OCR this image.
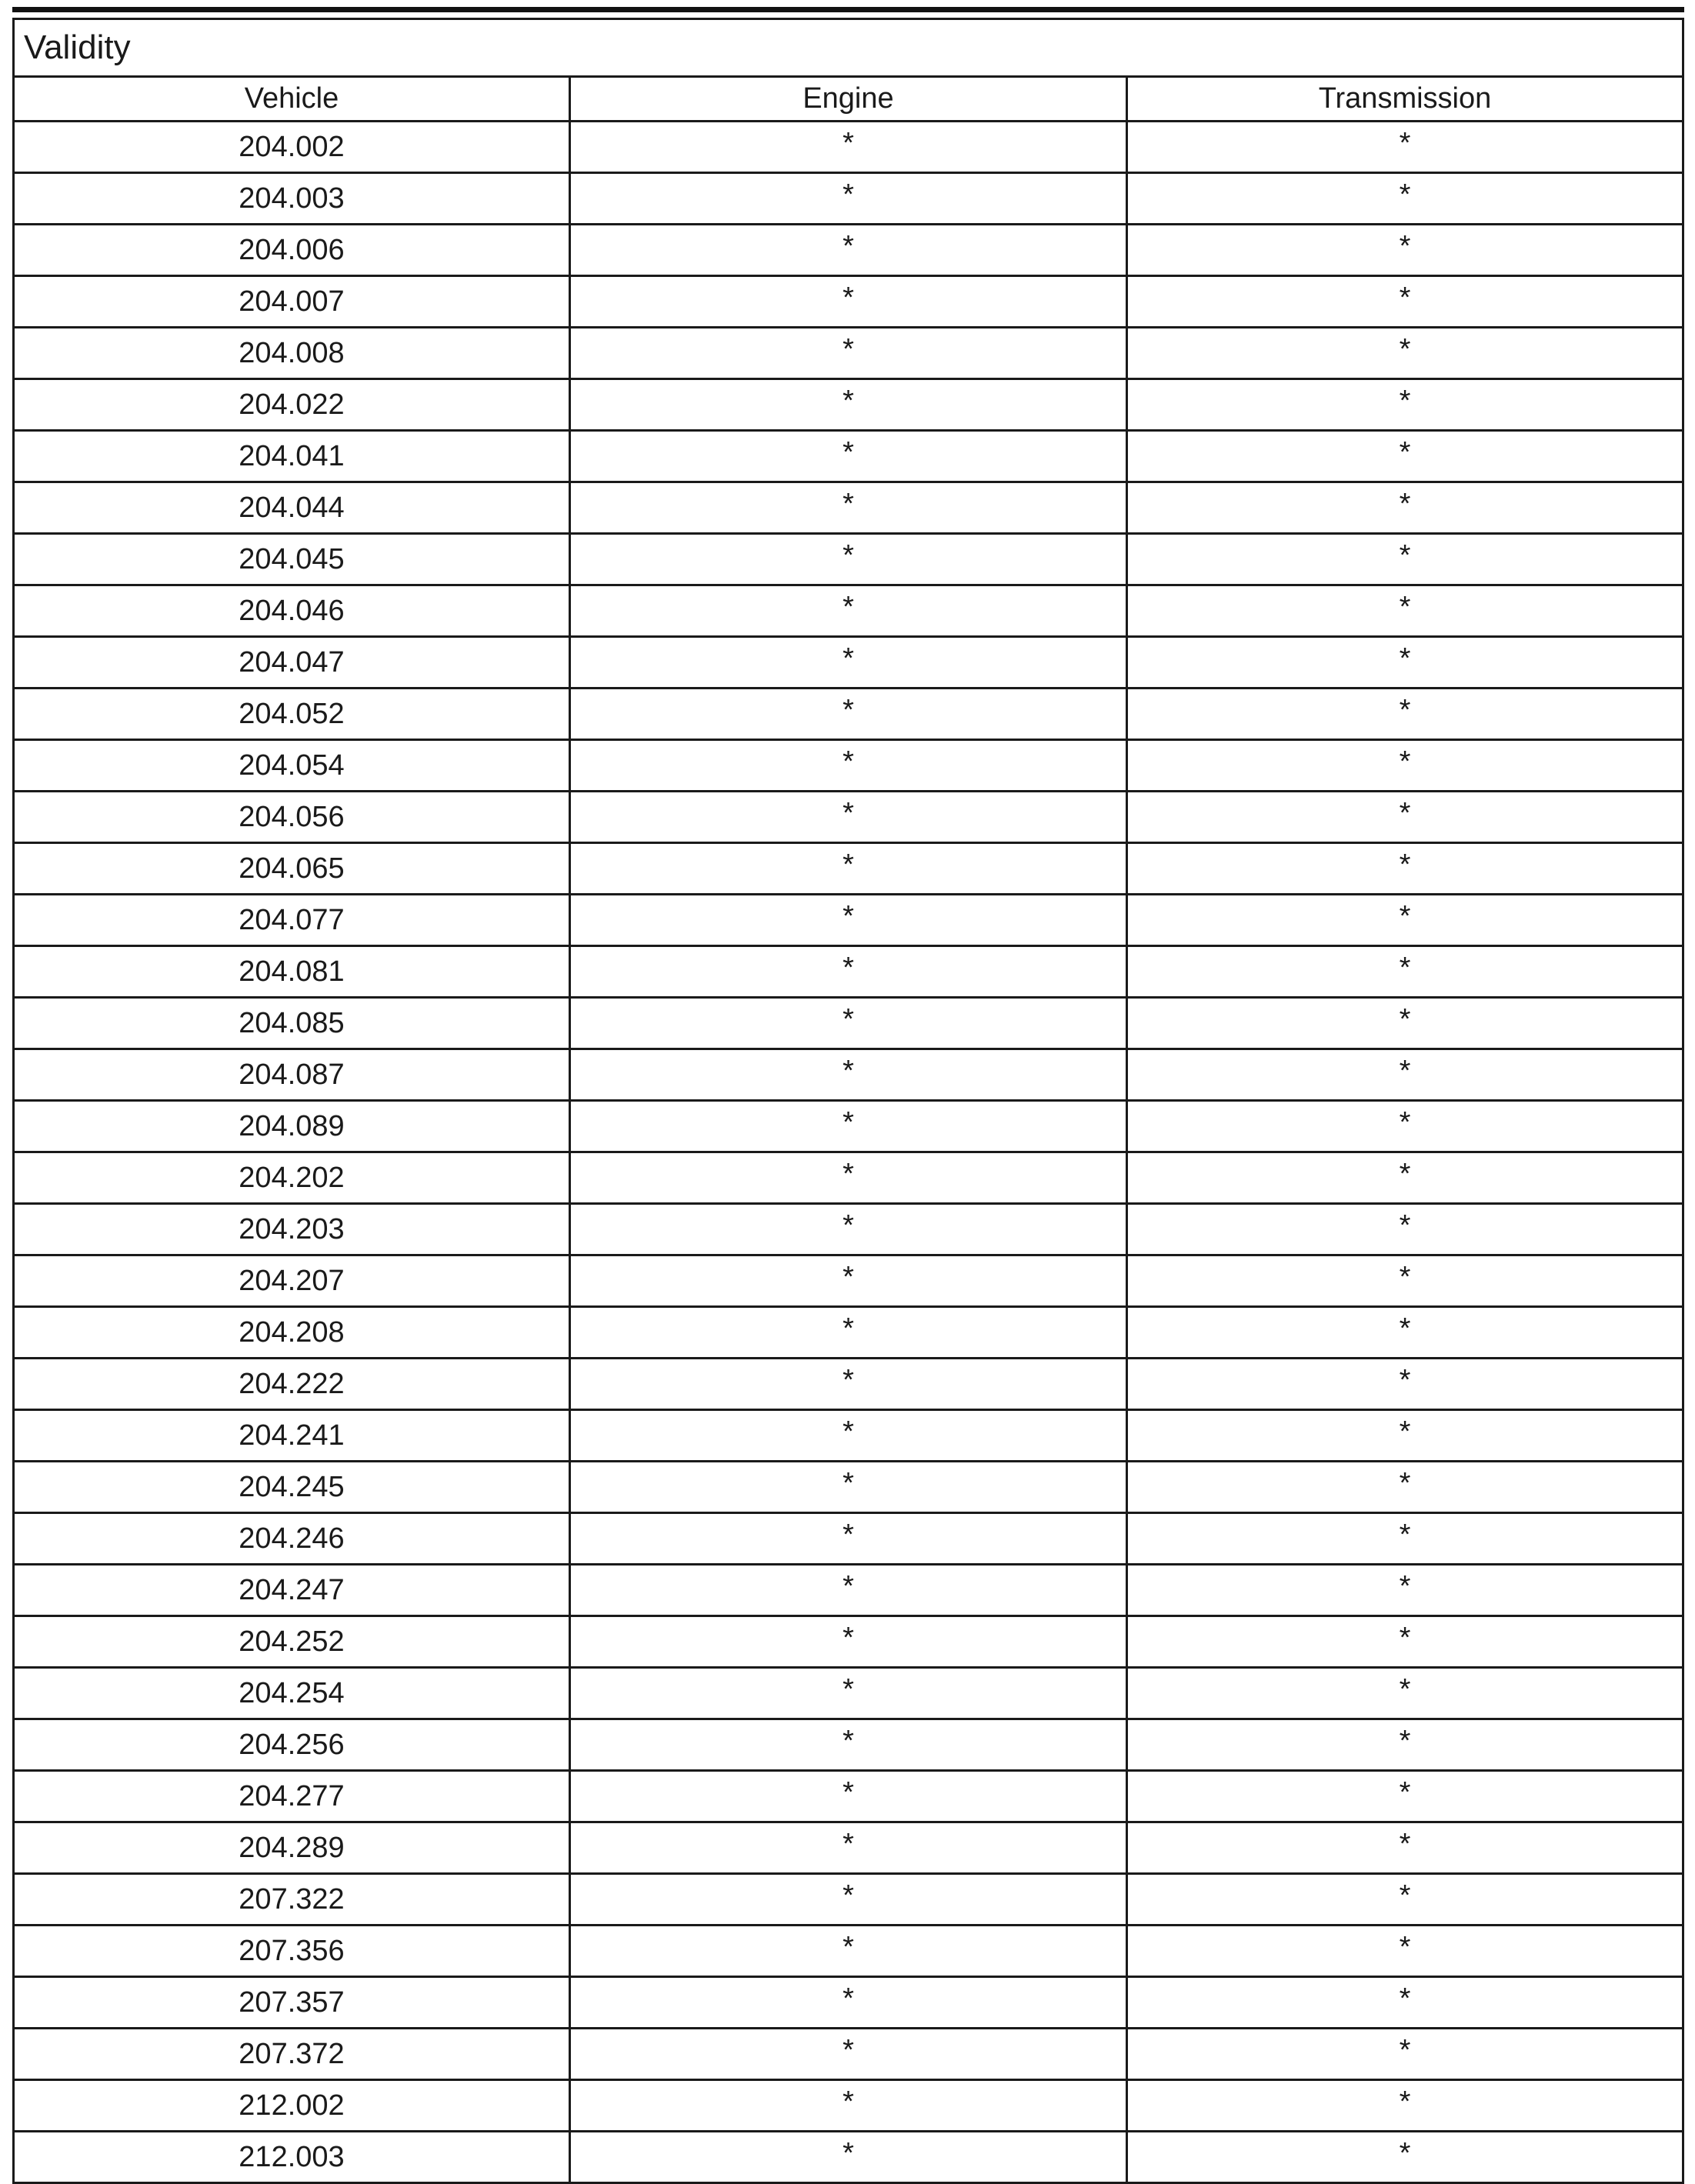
Validity		
Vehicle	Engine	Transmission
204.002	*	*
204.003	*	*
204.006	*	*
204.007	*	*
204.008	*	*
204.022	*	*
204.041	*	*
204.044	*	*
204.045	*	*
204.046	*	*
204.047	*	*
204.052	*	*
204.054	*	*
204.056	*	*
204.065	*	*
204.077	*	*
204.081	*	*
204.085	*	*
204.087	*	*
204.089	*	*
204.202	*	*
204.203	*	*
204.207	*	*
204.208	*	*
204.222	*	*
204.241	*	*
204.245	*	*
204.246	*	*
204.247	*	*
204.252	*	*
204.254	*	*
204.256	*	*
204.277	*	*
204.289	*	*
207.322	*	*
207.356	*	*
207.357	*	*
207.372	*	*
212.002	*	*
212.003	*	*
